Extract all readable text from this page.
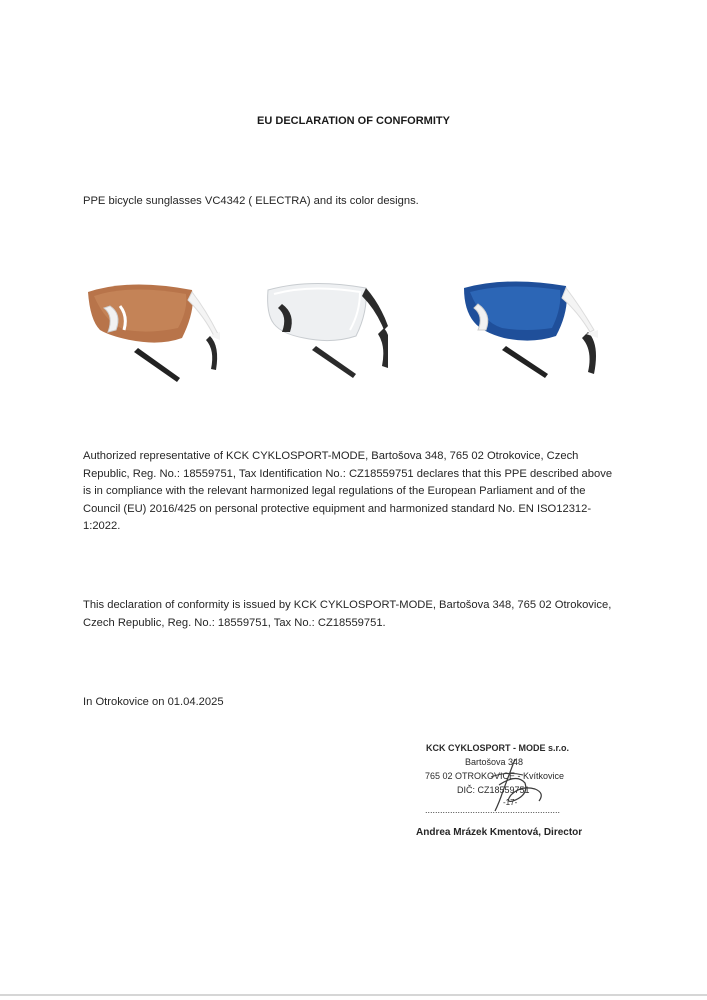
EU DECLARATION OF CONFORMITY

PPE bicycle sunglasses VC4342 ( ELECTRA) and its color designs.

Authorized representative of KCK CYKLOSPORT-MODE, Bartošova 348, 765 02 Otrokovice, Czech Republic, Reg. No.: 18559751, Tax Identification No.: CZ18559751 declares that this PPE described above is in compliance with the relevant harmonized legal regulations of the European Parliament and of the Council (EU) 2016/425 on personal protective equipment and harmonized standard No. EN ISO12312-1:2022.

This declaration of conformity is issued by KCK CYKLOSPORT-MODE, Bartošova 348, 765 02 Otrokovice, Czech Republic, Reg. No.: 18559751, Tax No.: CZ18559751.

In Otrokovice on 01.04.2025

KCK CYKLOSPORT - MODE s.r.o.
Bartošova 348
765 02 OTROKOVICE - Kvítkovice
DIČ: CZ18559751
-17-
......................................................
Andrea Mrázek Kmentová, Director
